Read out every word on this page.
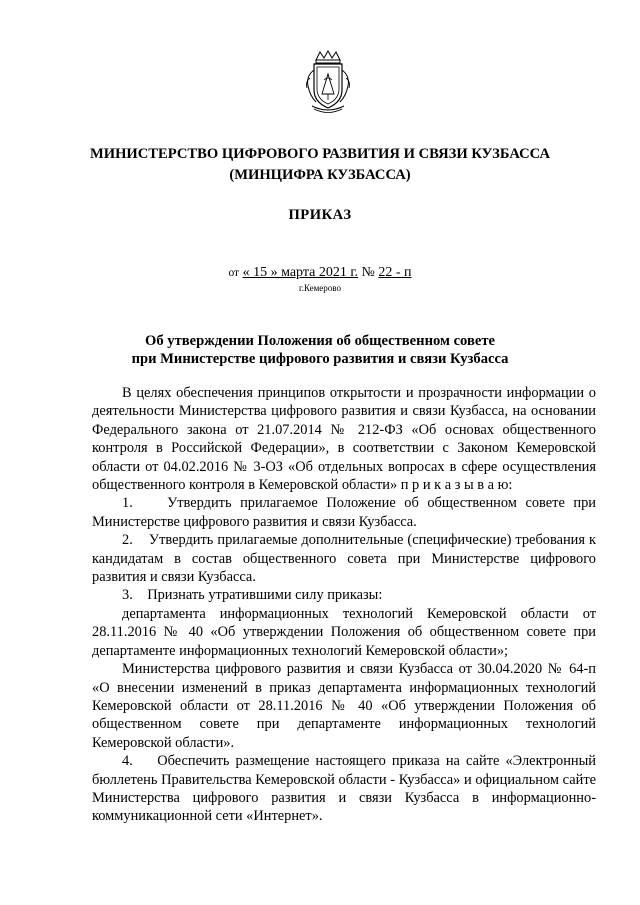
МИНИСТЕРСТВО ЦИФРОВОГО РАЗВИТИЯ И СВЯЗИ КУЗБАССА
(МИНЦИФРА КУЗБАССА)
ПРИКАЗ
от « 15 » марта 2021 г. № 22 - п
г.Кемерово
Об утверждении Положения об общественном совете
при Министерстве цифрового развития и связи Кузбасса

В целях обеспечения принципов открытости и прозрачности информации о деятельности Министерства цифрового развития и связи Кузбасса, на основании Федерального закона от 21.07.2014 № 212-ФЗ «Об основах общественного контроля в Российской Федерации», в соответствии с Законом Кемеровской области от 04.02.2016 № 3-ОЗ «Об отдельных вопросах в сфере осуществления общественного контроля в Кемеровской области» п р и к а з ы в а ю:

1. Утвердить прилагаемое Положение об общественном совете при Министерстве цифрового развития и связи Кузбасса.

2. Утвердить прилагаемые дополнительные (специфические) требования к кандидатам в состав общественного совета при Министерстве цифрового развития и связи Кузбасса.

3. Признать утратившими силу приказы:

департамента информационных технологий Кемеровской области от 28.11.2016 № 40 «Об утверждении Положения об общественном совете при департаменте информационных технологий Кемеровской области»;

Министерства цифрового развития и связи Кузбасса от 30.04.2020 № 64-п «О внесении изменений в приказ департамента информационных технологий Кемеровской области от 28.11.2016 № 40 «Об утверждении Положения об общественном совете при департаменте информационных технологий Кемеровской области».

4. Обеспечить размещение настоящего приказа на сайте «Электронный бюллетень Правительства Кемеровской области - Кузбасса» и официальном сайте Министерства цифрового развития и связи Кузбасса в информационно-коммуникационной сети «Интернет».
